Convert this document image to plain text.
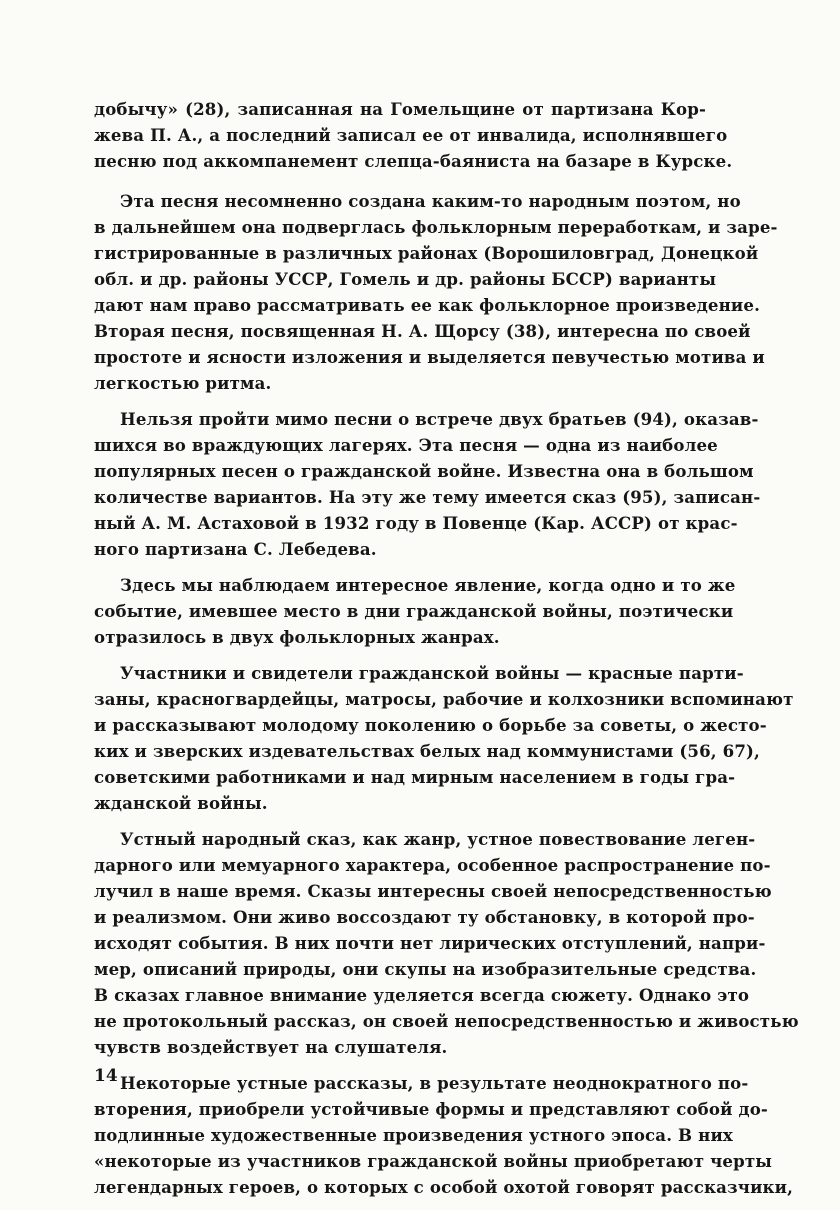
добычу» (28), записанная на Гомельщине от партизана Кор-
жева П. А., а последний записал ее от инвалида, исполнявшего
песню под аккомпанемент слепца-баяниста на базаре в Курске.
Эта песня несомненно создана каким-то народным поэтом, но
в дальнейшем она подверглась фольклорным переработкам, и заре-
гистрированные в различных районах (Ворошиловград, Донецкой
обл. и др. районы УССР, Гомель и др. районы БССР) варианты
дают нам право рассматривать ее как фольклорное произведение.
Вторая песня, посвященная Н. А. Щорсу (38), интересна по своей
простоте и ясности изложения и выделяется певучестью мотива и
легкостью ритма.
Нельзя пройти мимо песни о встрече двух братьев (94), оказав-
шихся во враждующих лагерях. Эта песня — одна из наиболее
популярных песен о гражданской войне. Известна она в большом
количестве вариантов. На эту же тему имеется сказ (95), записан-
ный А. М. Астаховой в 1932 году в Повенце (Кар. АССР) от крас-
ного партизана С. Лебедева.
Здесь мы наблюдаем интересное явление, когда одно и то же
событие, имевшее место в дни гражданской войны, поэтически
отразилось в двух фольклорных жанрах.
Участники и свидетели гражданской войны — красные парти-
заны, красногвардейцы, матросы, рабочие и колхозники вспоминают
и рассказывают молодому поколению о борьбе за советы, о жесто-
ких и зверских издевательствах белых над коммунистами (56, 67),
советскими работниками и над мирным населением в годы гра-
жданской войны.
Устный народный сказ, как жанр, устное повествование леген-
дарного или мемуарного характера, особенное распространение по-
лучил в наше время. Сказы интересны своей непосредственностью
и реализмом. Они живо воссоздают ту обстановку, в которой про-
исходят события. В них почти нет лирических отступлений, напри-
мер, описаний природы, они скупы на изобразительные средства.
В сказах главное внимание уделяется всегда сюжету. Однако это
не протокольный рассказ, он своей непосредственностью и живостью
чувств воздействует на слушателя.
Некоторые устные рассказы, в результате неоднократного по-
вторения, приобрели устойчивые формы и представляют собой до-
подлинные художественные произведения устного эпоса. В них
«некоторые из участников гражданской войны приобретают черты
легендарных героев, о которых с особой охотой говорят рассказчики,
14
